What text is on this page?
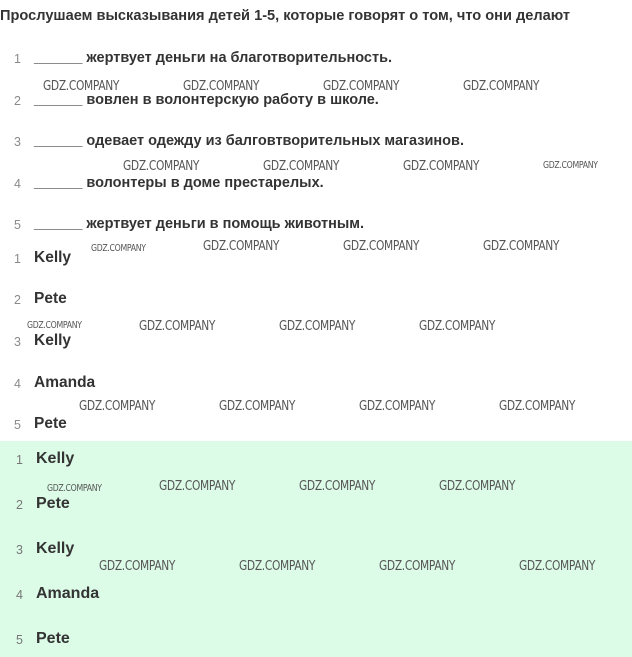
Прослушаем высказывания детей 1-5, которые говорят о том, что они делают
1 ______ жертвует деньги на благотворительность.
2 ______ вовлен в волонтерскую работу в школе.
3 ______ одевает одежду из балговтворительных магазинов.
4 ______ волонтеры в доме престарелых.
5 ______ жертвует деньги в помощь животным.
1 Kelly
2 Pete
3 Kelly
4 Amanda
5 Pete
1 Kelly
2 Pete
3 Kelly
4 Amanda
5 Pete
GDZ.COMPANY	GDZ.COMPANY	GDZ.COMPANY	GDZ.COMPANY
GDZ.COMPANY	GDZ.COMPANY	GDZ.COMPANY	GDZ.COMPANY
GDZ.COMPANY	GDZ.COMPANY	GDZ.COMPANY	GDZ.COMPANY
GDZ.COMPANY	GDZ.COMPANY	GDZ.COMPANY	GDZ.COMPANY
GDZ.COMPANY	GDZ.COMPANY	GDZ.COMPANY	GDZ.COMPANY
GDZ.COMPANY	GDZ.COMPANY	GDZ.COMPANY	GDZ.COMPANY
GDZ.COMPANY	GDZ.COMPANY	GDZ.COMPANY	GDZ.COMPANY
